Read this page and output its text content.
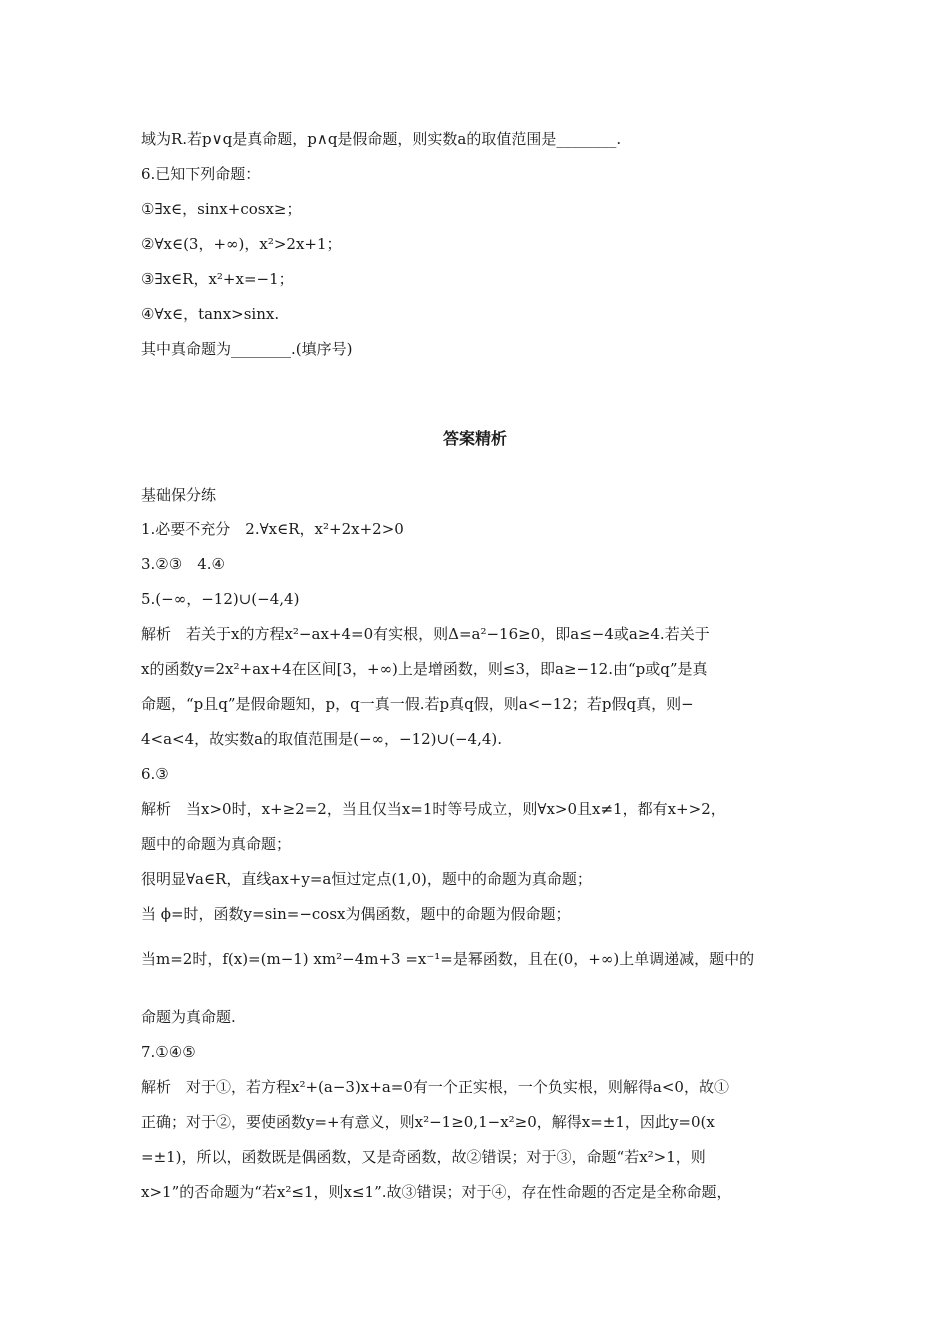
域为R.若p∨q是真命题，p∧q是假命题，则实数a的取值范围是________.
6.已知下列命题：
①∃x∈，sinx+cosx≥；
②∀x∈(3，+∞)，x²>2x+1；
③∃x∈R，x²+x=−1；
④∀x∈，tanx>sinx.
其中真命题为________.(填序号)
答案精析
基础保分练
1.必要不充分　2.∀x∈R，x²+2x+2>0
3.②③　4.④
5.(−∞，−12)∪(−4,4)
解析　若关于x的方程x²−ax+4=0有实根，则Δ=a²−16≥0，即a≤−4或a≥4.若关于
x的函数y=2x²+ax+4在区间[3，+∞)上是增函数，则≤3，即a≥−12.由“p或q”是真
命题，“p且q”是假命题知，p，q一真一假.若p真q假，则a<−12；若p假q真，则−
4<a<4，故实数a的取值范围是(−∞，−12)∪(−4,4).
6.③
解析　当x>0时，x+≥2=2，当且仅当x=1时等号成立，则∀x>0且x≠1，都有x+>2，
题中的命题为真命题；
很明显∀a∈R，直线ax+y=a恒过定点(1,0)，题中的命题为真命题；
当 ϕ=时，函数y=sin=−cosx为偶函数，题中的命题为假命题；
当m=2时，f(x)=(m−1) xm²−4m+3 =x⁻¹=是幂函数，且在(0，+∞)上单调递减，题中的
命题为真命题.
7.①④⑤
解析　对于①，若方程x²+(a−3)x+a=0有一个正实根，一个负实根，则解得a<0，故①
正确；对于②，要使函数y=+有意义，则x²−1≥0,1−x²≥0，解得x=±1，因此y=0(x
=±1)，所以，函数既是偶函数，又是奇函数，故②错误；对于③，命题“若x²>1，则
x>1”的否命题为“若x²≤1，则x≤1”.故③错误；对于④，存在性命题的否定是全称命题，
